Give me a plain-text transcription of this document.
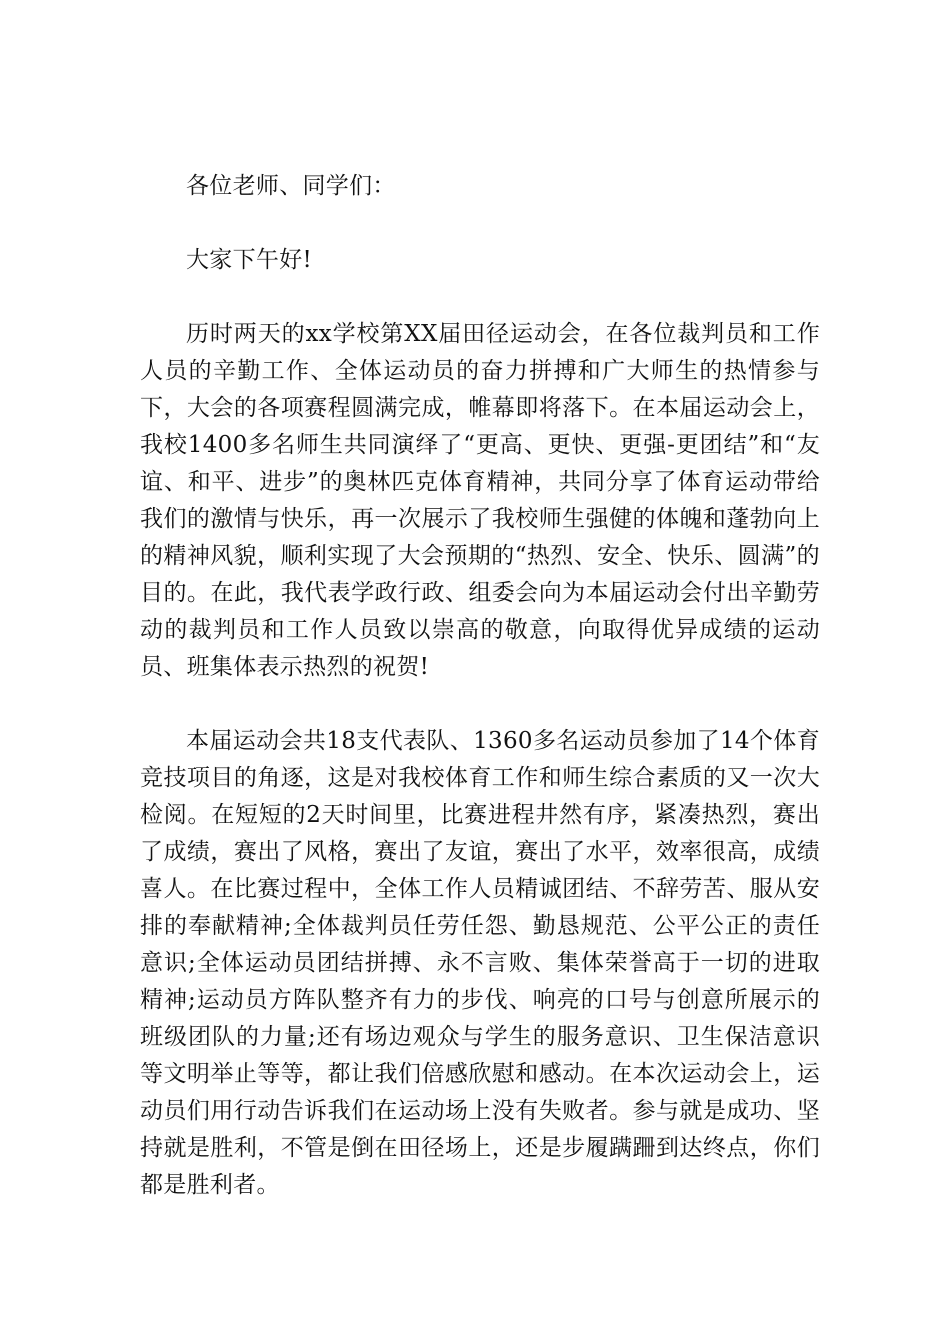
各位老师、同学们：

大家下午好!

历时两天的xx学校第XX届田径运动会，在各位裁判员和工作人员的辛勤工作、全体运动员的奋力拼搏和广大师生的热情参与下，大会的各项赛程圆满完成，帷幕即将落下。在本届运动会上，我校1400多名师生共同演绎了“更高、更快、更强-更团结”和“友谊、和平、进步”的奥林匹克体育精神，共同分享了体育运动带给我们的激情与快乐，再一次展示了我校师生强健的体魄和蓬勃向上的精神风貌，顺利实现了大会预期的“热烈、安全、快乐、圆满”的目的。在此，我代表学政行政、组委会向为本届运动会付出辛勤劳动的裁判员和工作人员致以崇高的敬意，向取得优异成绩的运动员、班集体表示热烈的祝贺!

本届运动会共18支代表队、1360多名运动员参加了14个体育竞技项目的角逐，这是对我校体育工作和师生综合素质的又一次大检阅。在短短的2天时间里，比赛进程井然有序，紧凑热烈，赛出了成绩，赛出了风格，赛出了友谊，赛出了水平，效率很高，成绩喜人。在比赛过程中，全体工作人员精诚团结、不辞劳苦、服从安排的奉献精神;全体裁判员任劳任怨、勤恳规范、公平公正的责任意识;全体运动员团结拼搏、永不言败、集体荣誉高于一切的进取精神;运动员方阵队整齐有力的步伐、响亮的口号与创意所展示的班级团队的力量;还有场边观众与学生的服务意识、卫生保洁意识等文明举止等等，都让我们倍感欣慰和感动。在本次运动会上，运动员们用行动告诉我们在运动场上没有失败者。参与就是成功、坚持就是胜利，不管是倒在田径场上，还是步履蹒跚到达终点，你们都是胜利者。
